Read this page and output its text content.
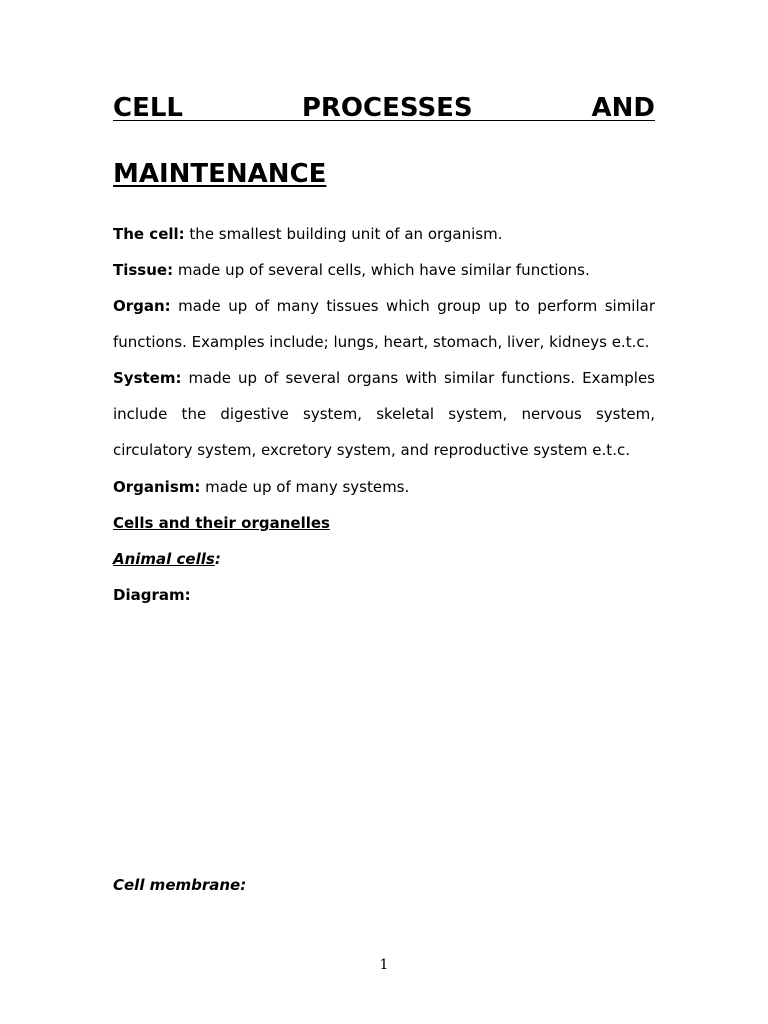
CELL	PROCESSES	AND
MAINTENANCE

The cell: the smallest building unit of an organism.

Tissue: made up of several cells, which have similar functions.

Organ: made up of many tissues which group up to perform similar functions. Examples include; lungs, heart, stomach, liver, kidneys e.t.c.

System: made up of several organs with similar functions. Examples include the digestive system, skeletal system, nervous system, circulatory system, excretory system, and reproductive system e.t.c.

Organism: made up of many systems.

Cells and their organelles

Animal cells:

Diagram:

Cell membrane:

1
